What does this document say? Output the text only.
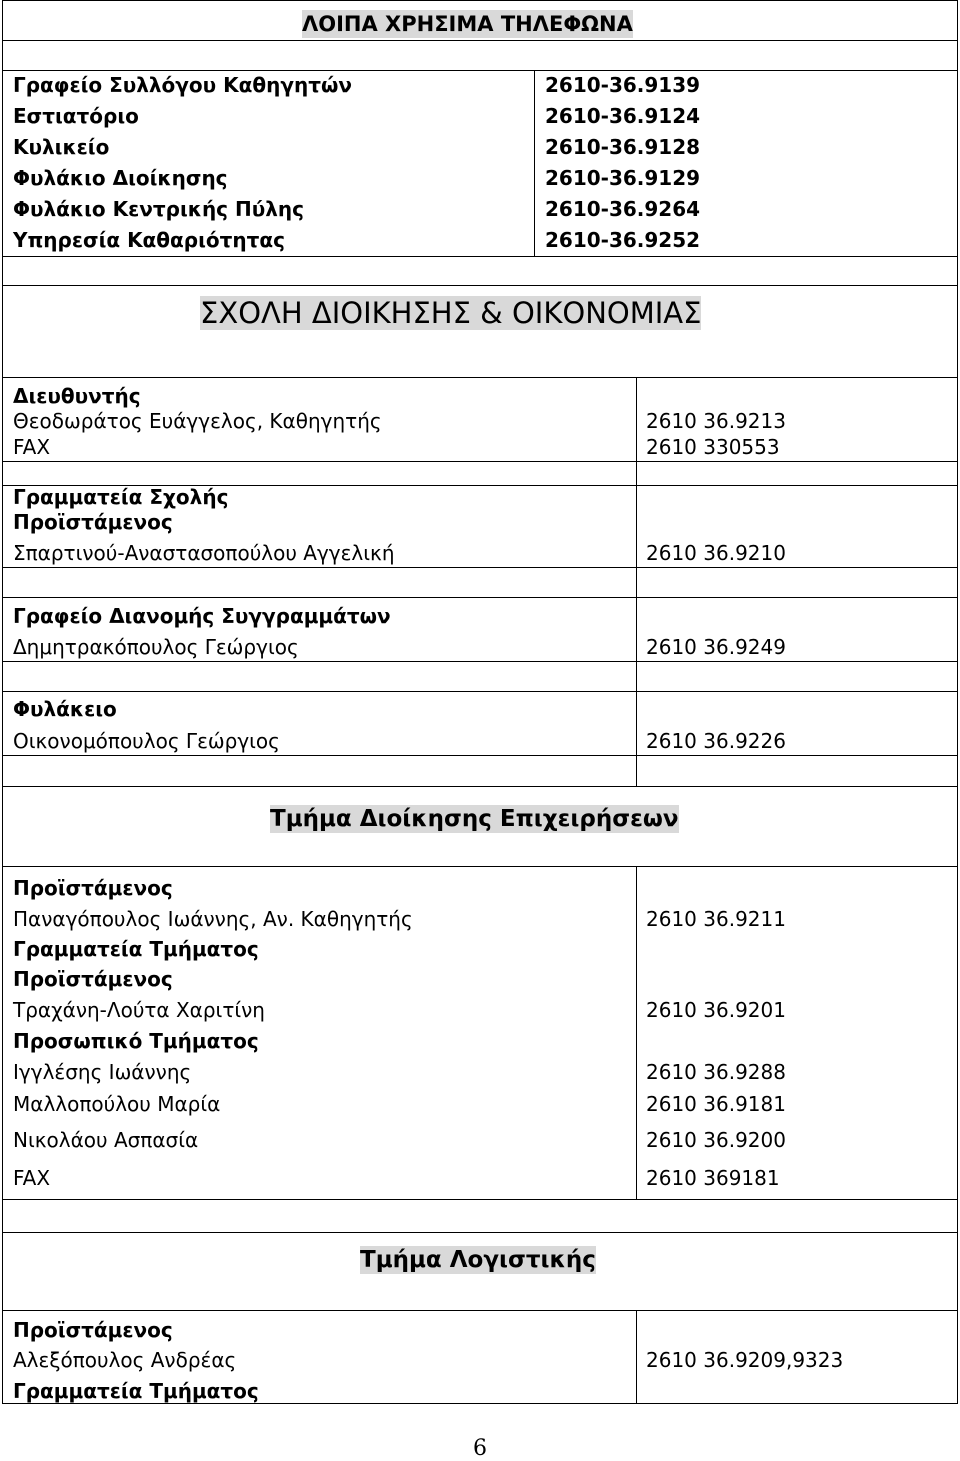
ΛΟΙΠΑ ΧΡΗΣΙΜΑ ΤΗΛΕΦΩΝΑ
Γραφείο Συλλόγου Καθηγητών	2610-36.9139
Εστιατόριο	2610-36.9124
Κυλικείο	2610-36.9128
Φυλάκιο Διοίκησης	2610-36.9129
Φυλάκιο Κεντρικής Πύλης	2610-36.9264
Υπηρεσία Καθαριότητας	2610-36.9252
ΣΧΟΛΗ ΔΙΟΙΚΗΣΗΣ & ΟΙΚΟΝΟΜΙΑΣ
Διευθυντής
Θεοδωράτος Ευάγγελος, Καθηγητής	2610 36.9213
FAX	2610 330553
Γραμματεία Σχολής
Προϊστάμενος
Σπαρτινού-Αναστασοπούλου Αγγελική	2610 36.9210
Γραφείο Διανομής Συγγραμμάτων
Δημητρακόπουλος Γεώργιος	2610 36.9249
Φυλάκειο
Οικονομόπουλος Γεώργιος	2610 36.9226
Τμήμα Διοίκησης Επιχειρήσεων
Προϊστάμενος
Παναγόπουλος Ιωάννης, Αν. Καθηγητής	2610 36.9211
Γραμματεία Τμήματος
Προϊστάμενος
Τραχάνη-Λούτα Χαριτίνη	2610 36.9201
Προσωπικό Τμήματος
Ιγγλέσης Ιωάννης	2610 36.9288
Μαλλοπούλου Μαρία	2610 36.9181
Νικολάου Ασπασία	2610 36.9200
FAX	2610 369181
Τμήμα Λογιστικής
Προϊστάμενος
Αλεξόπουλος Ανδρέας	2610 36.9209,9323
Γραμματεία Τμήματος
6
